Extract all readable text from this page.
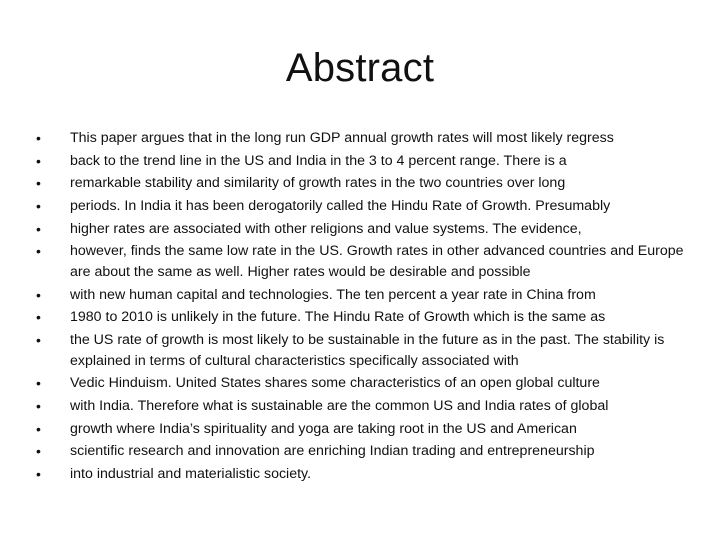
Abstract
•	This paper argues that in the long run GDP annual growth rates will most likely regress
•	back to the trend line in the US and India in the 3 to 4 percent range. There is a
•	remarkable stability and similarity of growth rates in the two countries over long
•	periods. In India it has been derogatorily called the Hindu Rate of Growth. Presumably
•	higher rates are associated with other religions and value systems. The evidence,
•	however, finds the same low rate in the US. Growth rates in other advanced countries and Europe are about the same as well. Higher rates would be desirable and possible
•	with new human capital and technologies. The ten percent a year rate in China from
•	1980 to 2010 is unlikely in the future. The Hindu Rate of Growth which is the same as
•	the US rate of growth is most likely to be sustainable in the future as in the past. The stability is explained in terms of cultural characteristics specifically associated with
•	Vedic Hinduism. United States shares some characteristics of an open global culture
•	with India. Therefore what is sustainable are the common US and India rates of global
•	growth where India’s spirituality and yoga are taking root in the US and American
•	scientific research and innovation are enriching Indian trading and entrepreneurship
•	into industrial and materialistic society.
